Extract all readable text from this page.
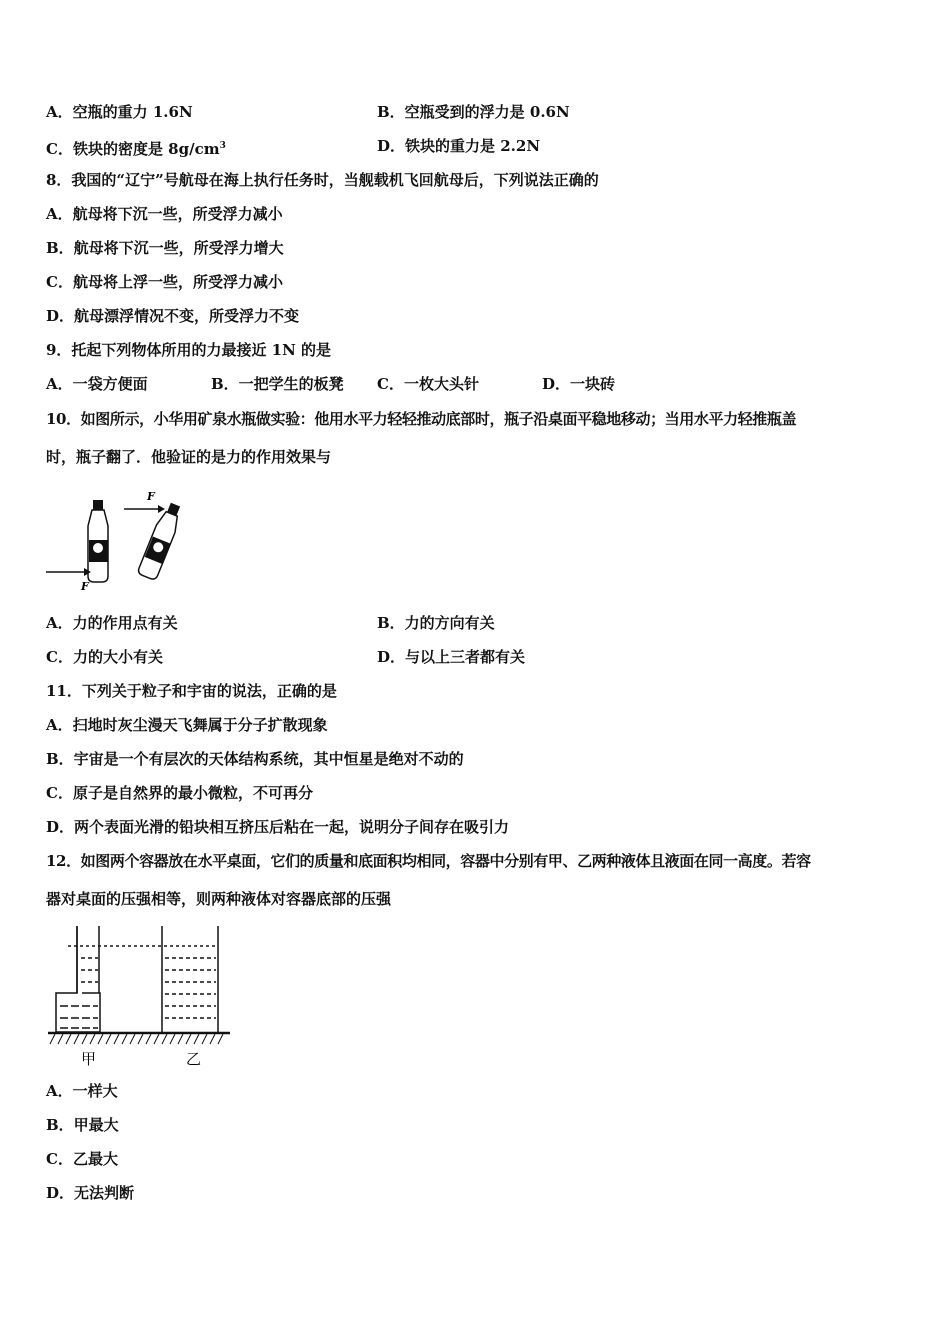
A．空瓶的重力 1.6N	B．空瓶受到的浮力是 0.6N
C．铁块的密度是 $8g/cm^3$	D．铁块的重力是 2.2N
8．我国的“辽宁”号航母在海上执行任务时，当舰载机飞回航母后，下列说法正确的
A．航母将下沉一些，所受浮力减小
B．航母将下沉一些，所受浮力增大
C．航母将上浮一些，所受浮力减小
D．航母漂浮情况不变，所受浮力不变
9．托起下列物体所用的力最接近 1N 的是
A．一袋方便面	B．一把学生的板凳 C．一枚大头针	D．一块砖
10．如图所示，小华用矿泉水瓶做实验：他用水平力轻轻推动底部时，瓶子沿桌面平稳地移动；当用水平力轻推瓶盖
时，瓶子翻了．他验证的是力的作用效果与
F
F
A．力的作用点有关	B．力的方向有关
C．力的大小有关	D．与以上三者都有关
11．下列关于粒子和宇宙的说法，正确的是
A．扫地时灰尘漫天飞舞属于分子扩散现象
B．宇宙是一个有层次的天体结构系统，其中恒星是绝对不动的
C．原子是自然界的最小微粒，不可再分
D．两个表面光滑的铅块相互挤压后粘在一起，说明分子间存在吸引力
12．如图两个容器放在水平桌面，它们的质量和底面积均相同，容器中分别有甲、乙两种液体且液面在同一高度。若容
器对桌面的压强相等，则两种液体对容器底部的压强
甲	乙
A．一样大
B．甲最大
C．乙最大
D．无法判断
